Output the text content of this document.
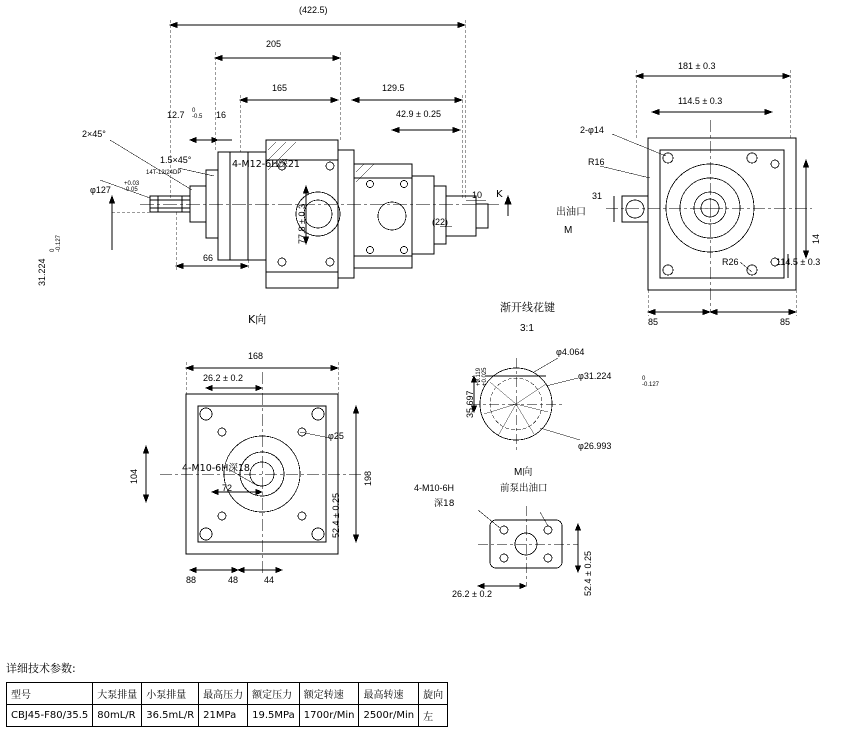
(422.5)
205
165	129.5
12.7 0
-0.5	16	42.9 ± 0.25
2×45°
1.5×45°
14T-12/24DP
4-M12-6H深21
φ127
+0.03
-0.05
31.224
0
-0.127
66
77.8 ± 0.3
10
(22)
K
K向
181 ± 0.3
114.5 ± 0.3
2-φ14
R16
R26
31
114.5 ± 0.3
14
85	85
出油口
M
168
26.2 ± 0.2
φ25
4-M10-6H深18
72
104	198
52.4 ± 0.25
88	48	44
渐开线花键
3:1
φ4.064
φ31.224	0
-0.127
35.697
+0.119
+0.025
φ26.993
M向
前泵出油口
4-M10-6H
深18
26.2 ± 0.2	52.4 ± 0.25
详细技术参数:
型号	大泵排量	小泵排量	最高压力	额定压力	额定转速	最高转速	旋向
CBJ45-F80/35.5	80mL/R	36.5mL/R	21MPa	19.5MPa	1700r/Min	2500r/Min	左
